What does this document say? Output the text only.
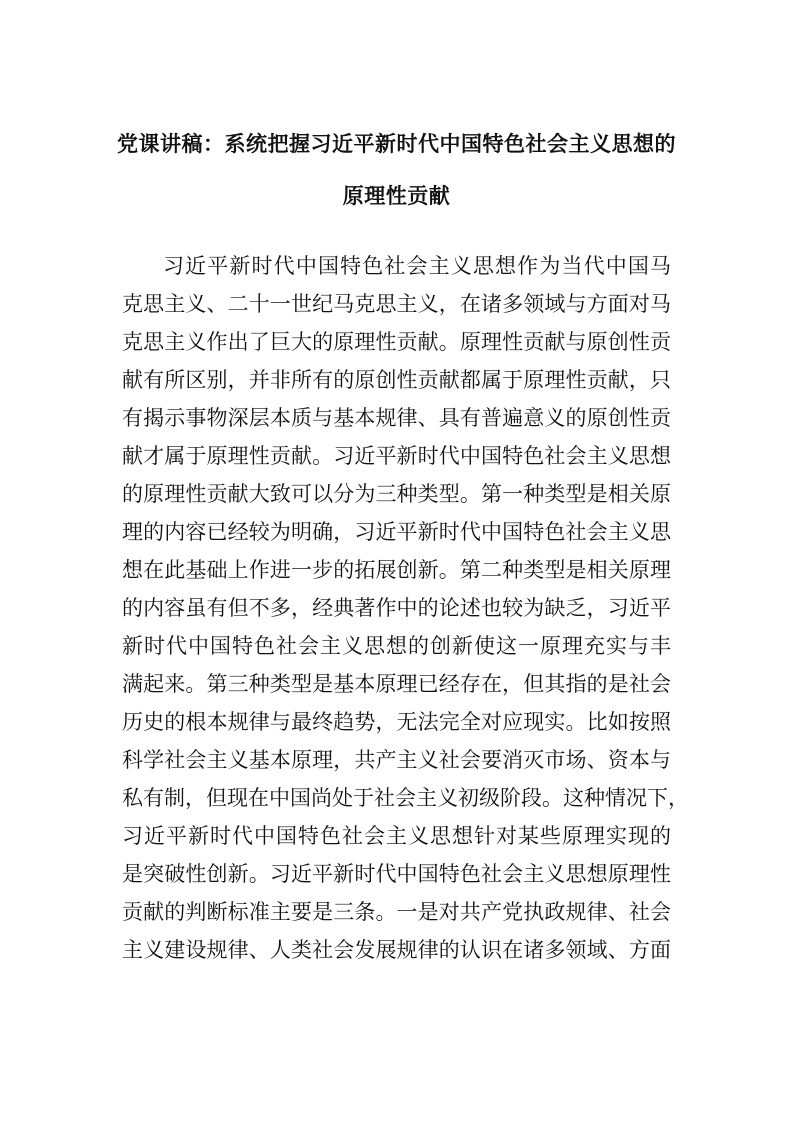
党课讲稿：系统把握习近平新时代中国特色社会主义思想的
原理性贡献
习近平新时代中国特色社会主义思想作为当代中国马
克思主义、二十一世纪马克思主义，在诸多领域与方面对马
克思主义作出了巨大的原理性贡献。原理性贡献与原创性贡
献有所区别，并非所有的原创性贡献都属于原理性贡献，只
有揭示事物深层本质与基本规律、具有普遍意义的原创性贡
献才属于原理性贡献。习近平新时代中国特色社会主义思想
的原理性贡献大致可以分为三种类型。第一种类型是相关原
理的内容已经较为明确，习近平新时代中国特色社会主义思
想在此基础上作进一步的拓展创新。第二种类型是相关原理
的内容虽有但不多，经典著作中的论述也较为缺乏，习近平
新时代中国特色社会主义思想的创新使这一原理充实与丰
满起来。第三种类型是基本原理已经存在，但其指的是社会
历史的根本规律与最终趋势，无法完全对应现实。比如按照
科学社会主义基本原理，共产主义社会要消灭市场、资本与
私有制，但现在中国尚处于社会主义初级阶段。这种情况下，
习近平新时代中国特色社会主义思想针对某些原理实现的
是突破性创新。习近平新时代中国特色社会主义思想原理性
贡献的判断标准主要是三条。一是对共产党执政规律、社会
主义建设规律、人类社会发展规律的认识在诸多领域、方面
